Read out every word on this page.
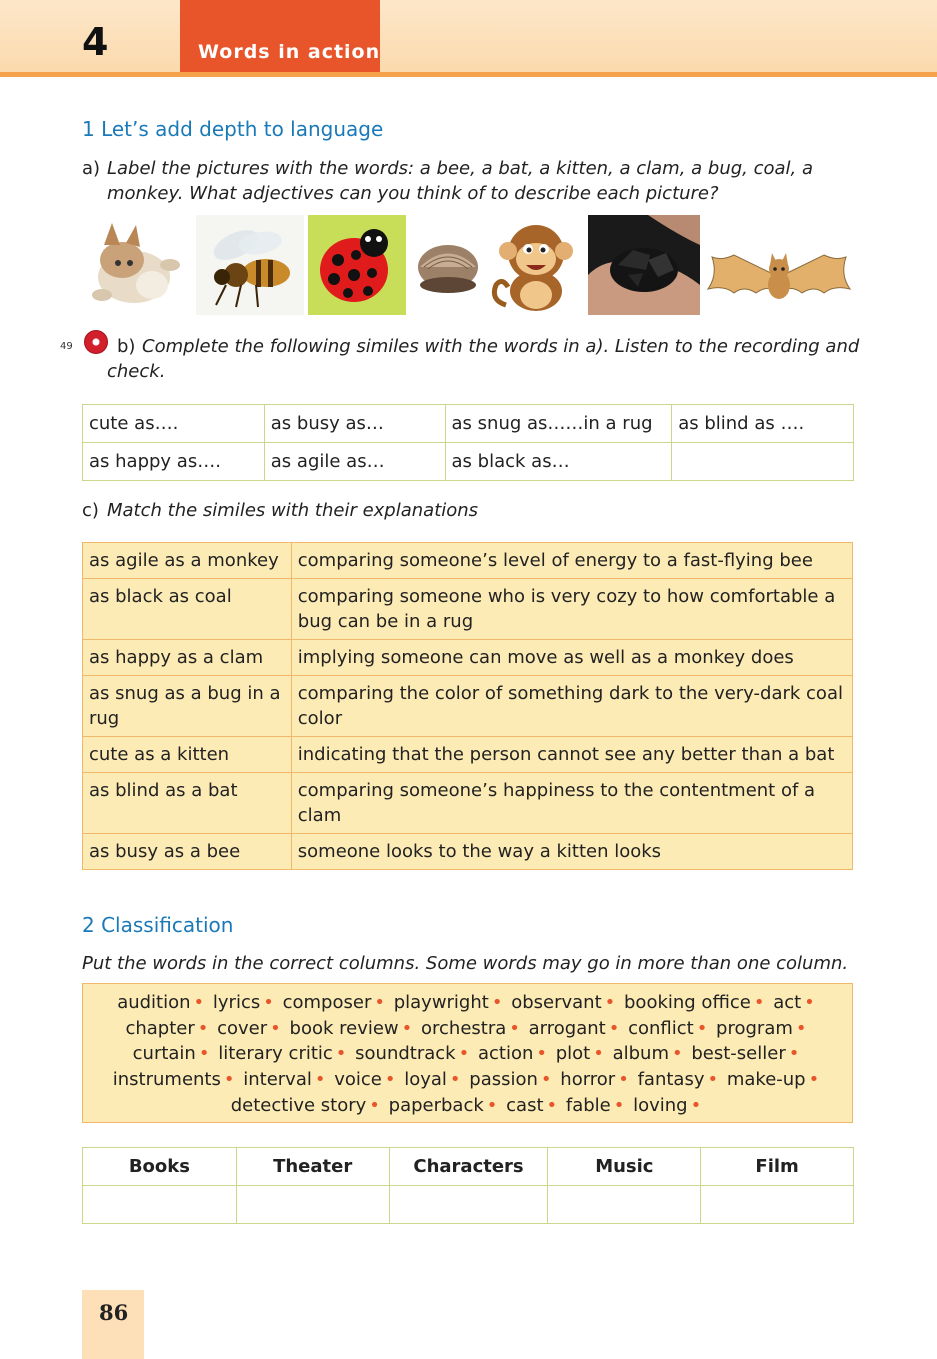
4	Words in action
1 Let’s add depth to language
a) Label the pictures with the words: a bee, a bat, a kitten, a clam, a bug, coal, a
monkey. What adjectives can you think of to describe each picture?
49 b) Complete the following similes with the words in a). Listen to the recording and
check.
cute as….	as busy as…	as snug as……in a rug	as blind as ….
as happy as….	as agile as…	as black as…	
c) Match the similes with their explanations
as agile as a monkey	comparing someone’s level of energy to a fast-flying bee
as black as coal	comparing someone who is very cozy to how comfortable a bug can be in a rug
as happy as a clam	implying someone can move as well as a monkey does
as snug as a bug in a rug	comparing the color of something dark to the very-dark coal color
cute as a kitten	indicating that the person cannot see any better than a bat
as blind as a bat	comparing someone’s happiness to the contentment of a clam
as busy as a bee	someone looks to the way a kitten looks
2 Classification
Put the words in the correct columns. Some words may go in more than one column.
audition • lyrics • composer • playwright • observant • booking office • act • chapter • cover • book review • orchestra • arrogant • conflict • program • curtain • literary critic • soundtrack • action • plot • album • best-seller • instruments • interval • voice • loyal • passion • horror • fantasy • make-up • detective story • paperback • cast • fable • loving •
Books	Theater	Characters	Music	Film

86
